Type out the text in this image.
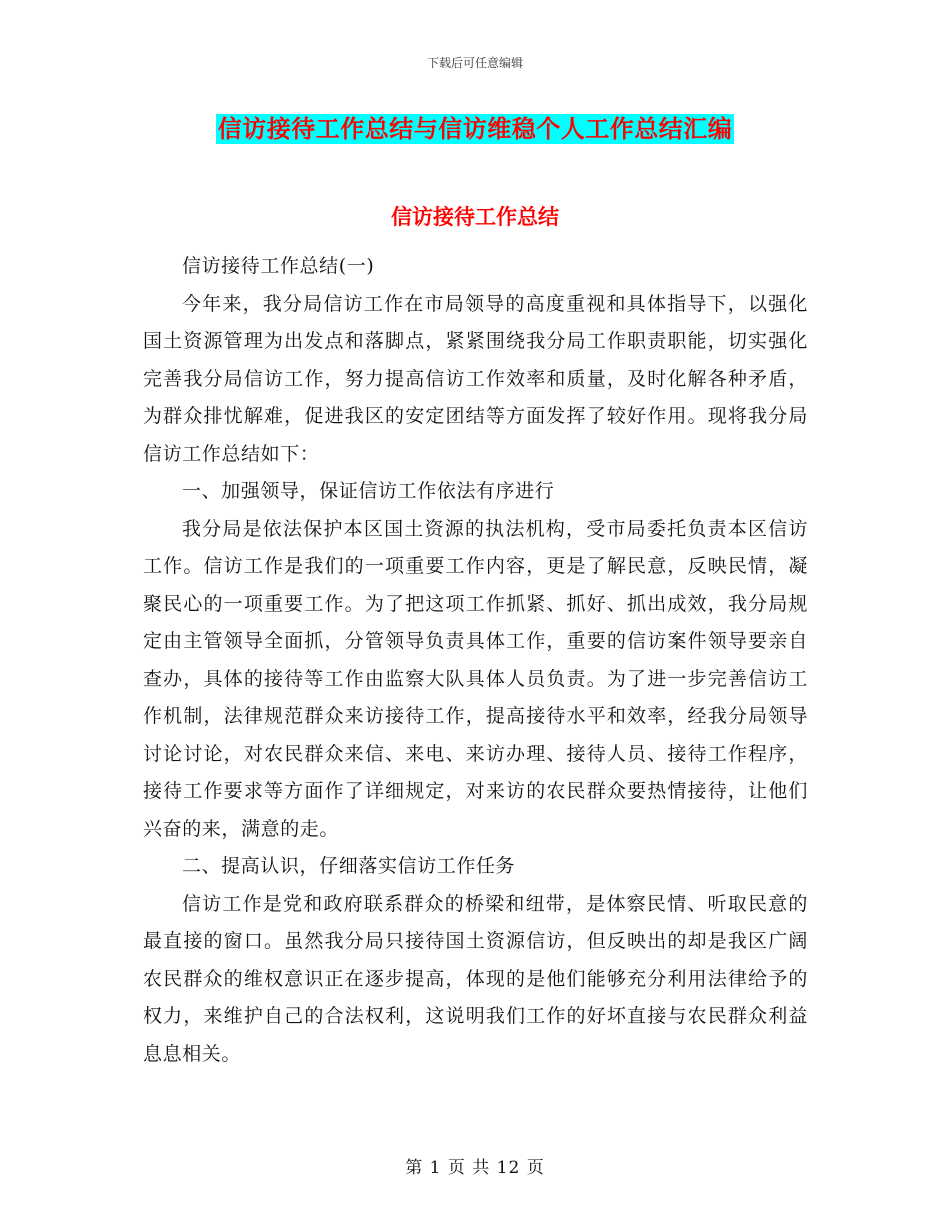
下载后可任意编辑
信访接待工作总结与信访维稳个人工作总结汇编
信访接待工作总结

信访接待工作总结(一)

今年来，我分局信访工作在市局领导的高度重视和具体指导下，以强化国土资源管理为出发点和落脚点，紧紧围绕我分局工作职责职能，切实强化完善我分局信访工作，努力提高信访工作效率和质量，及时化解各种矛盾，为群众排忧解难，促进我区的安定团结等方面发挥了较好作用。现将我分局信访工作总结如下：

一、加强领导，保证信访工作依法有序进行

我分局是依法保护本区国土资源的执法机构，受市局委托负责本区信访工作。信访工作是我们的一项重要工作内容，更是了解民意，反映民情，凝聚民心的一项重要工作。为了把这项工作抓紧、抓好、抓出成效，我分局规定由主管领导全面抓，分管领导负责具体工作，重要的信访案件领导要亲自查办，具体的接待等工作由监察大队具体人员负责。为了进一步完善信访工作机制，法律规范群众来访接待工作，提高接待水平和效率，经我分局领导讨论讨论，对农民群众来信、来电、来访办理、接待人员、接待工作程序，接待工作要求等方面作了详细规定，对来访的农民群众要热情接待，让他们兴奋的来，满意的走。

二、提高认识，仔细落实信访工作任务

信访工作是党和政府联系群众的桥梁和纽带，是体察民情、听取民意的最直接的窗口。虽然我分局只接待国土资源信访，但反映出的却是我区广阔农民群众的维权意识正在逐步提高，体现的是他们能够充分利用法律给予的权力，来维护自己的合法权利，这说明我们工作的好坏直接与农民群众利益息息相关。

第 1 页 共 12 页
